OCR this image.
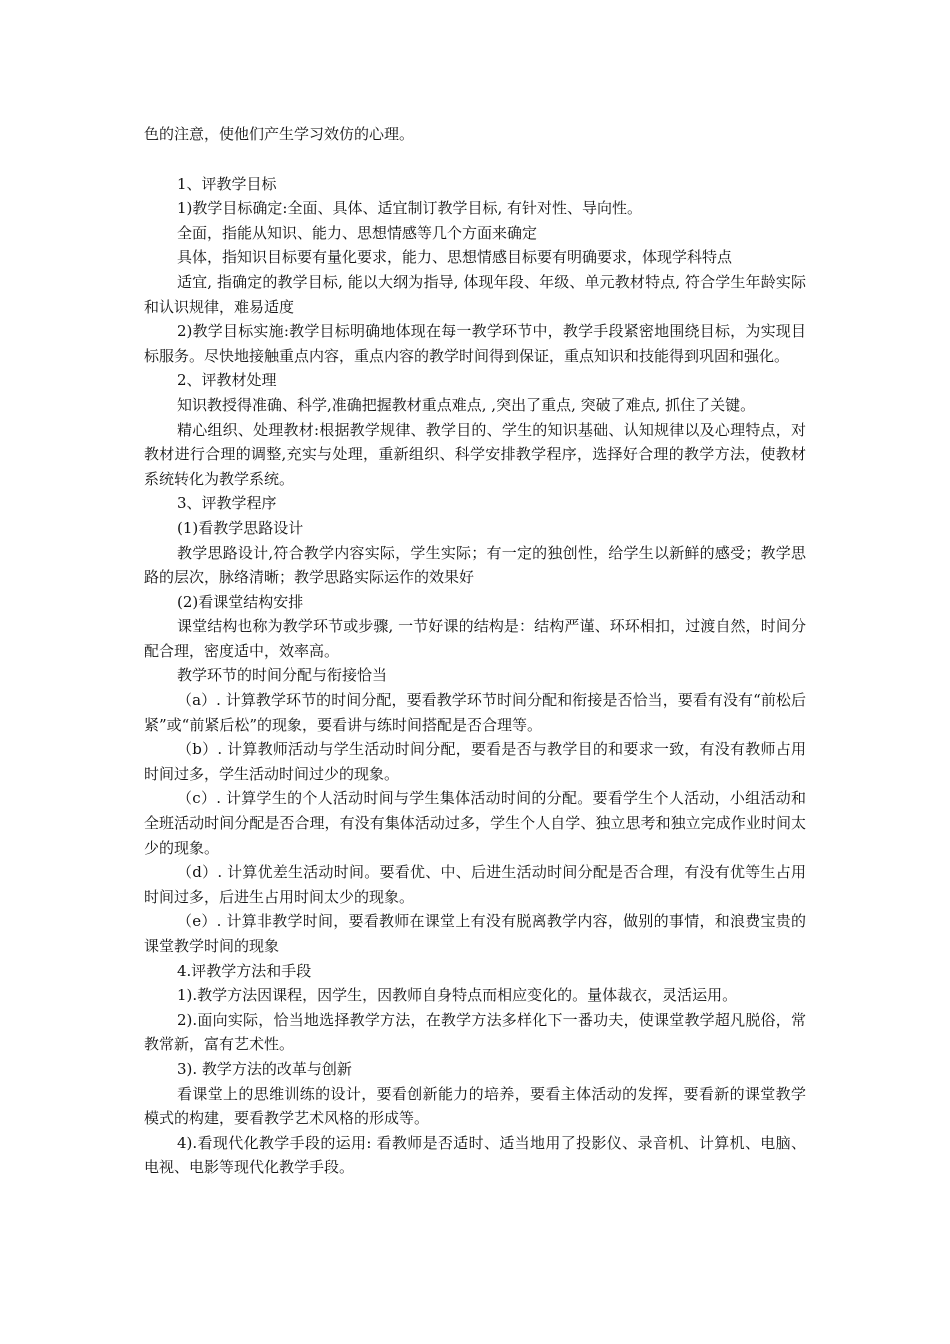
色的注意，使他们产生学习效仿的心理。

1、评教学目标

1)教学目标确定:全面、具体、适宜制订教学目标, 有针对性、导向性。

全面，指能从知识、能力、思想情感等几个方面来确定

具体，指知识目标要有量化要求，能力、思想情感目标要有明确要求，体现学科特点

适宜, 指确定的教学目标, 能以大纲为指导, 体现年段、年级、单元教材特点, 符合学生年龄实际和认识规律，难易适度

2)教学目标实施:教学目标明确地体现在每一教学环节中，教学手段紧密地围绕目标，为实现目标服务。尽快地接触重点内容，重点内容的教学时间得到保证，重点知识和技能得到巩固和强化。

2、评教材处理

知识教授得准确、科学,准确把握教材重点难点, ,突出了重点, 突破了难点, 抓住了关键。

精心组织、处理教材:根据教学规律、教学目的、学生的知识基础、认知规律以及心理特点，对教材进行合理的调整,充实与处理，重新组织、科学安排教学程序，选择好合理的教学方法，使教材系统转化为教学系统。

3、评教学程序

(1)看教学思路设计

教学思路设计,符合教学内容实际，学生实际；有一定的独创性，给学生以新鲜的感受；教学思路的层次，脉络清晰；教学思路实际运作的效果好

(2)看课堂结构安排

课堂结构也称为教学环节或步骤, 一节好课的结构是：结构严谨、环环相扣，过渡自然，时间分配合理，密度适中，效率高。

教学环节的时间分配与衔接恰当

（a）. 计算教学环节的时间分配，要看教学环节时间分配和衔接是否恰当，要看有没有“前松后紧”或“前紧后松”的现象，要看讲与练时间搭配是否合理等。

（b）. 计算教师活动与学生活动时间分配，要看是否与教学目的和要求一致，有没有教师占用时间过多，学生活动时间过少的现象。

（c）. 计算学生的个人活动时间与学生集体活动时间的分配。要看学生个人活动，小组活动和全班活动时间分配是否合理，有没有集体活动过多，学生个人自学、独立思考和独立完成作业时间太少的现象。

（d）. 计算优差生活动时间。要看优、中、后进生活动时间分配是否合理，有没有优等生占用时间过多，后进生占用时间太少的现象。

（e）. 计算非教学时间，要看教师在课堂上有没有脱离教学内容，做别的事情，和浪费宝贵的课堂教学时间的现象

4.评教学方法和手段

1).教学方法因课程，因学生，因教师自身特点而相应变化的。量体裁衣，灵活运用。

2).面向实际，恰当地选择教学方法，在教学方法多样化下一番功夫，使课堂教学超凡脱俗，常教常新，富有艺术性。

3). 教学方法的改革与创新

看课堂上的思维训练的设计，要看创新能力的培养，要看主体活动的发挥，要看新的课堂教学模式的构建，要看教学艺术风格的形成等。

4).看现代化教学手段的运用: 看教师是否适时、适当地用了投影仪、录音机、计算机、电脑、电视、电影等现代化教学手段。
